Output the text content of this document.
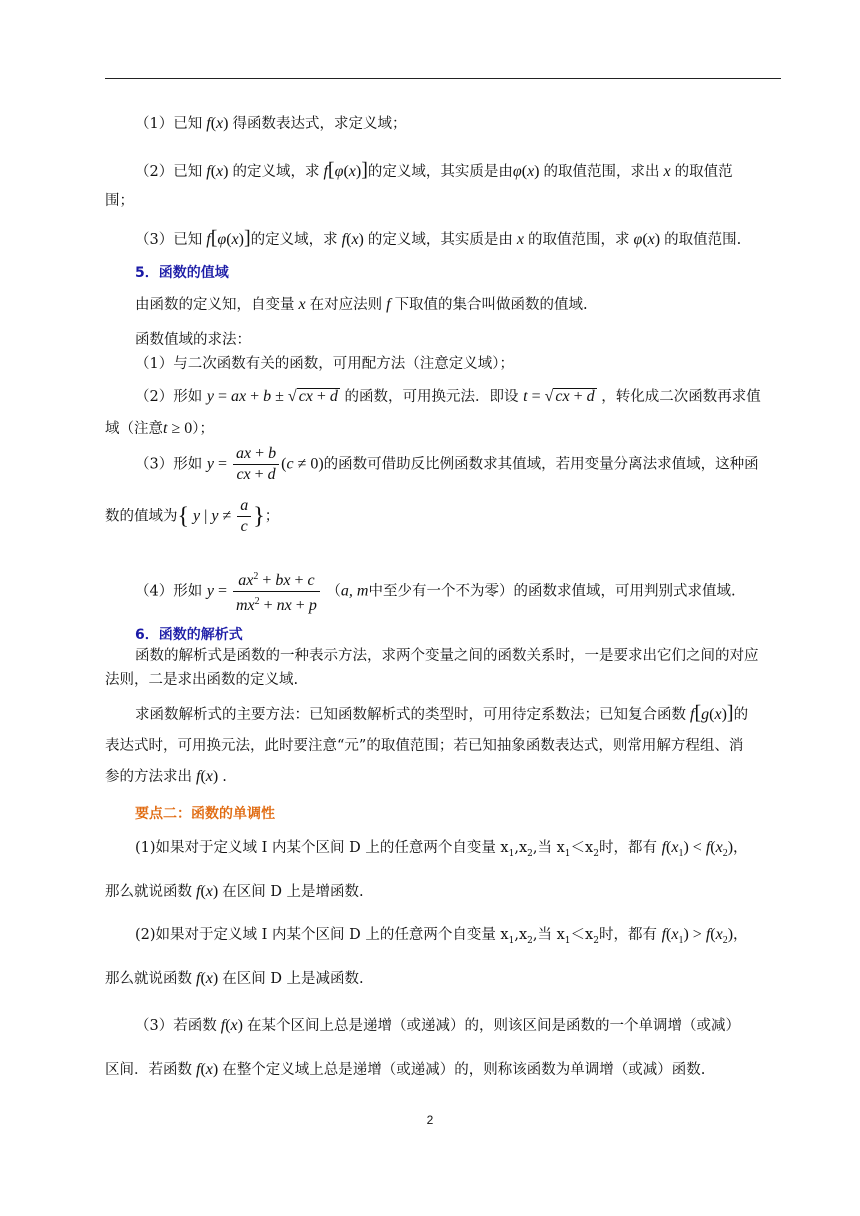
（1）已知 f(x) 得函数表达式，求定义域；
（2）已知 f(x) 的定义域，求 f[φ(x)]的定义域，其实质是由φ(x) 的取值范围，求出 x 的取值范
围；
（3）已知 f[φ(x)]的定义域，求 f(x) 的定义域，其实质是由 x 的取值范围，求 φ(x) 的取值范围.
5．函数的值域
由函数的定义知，自变量 x 在对应法则 f 下取值的集合叫做函数的值域.
函数值域的求法：
（1）与二次函数有关的函数，可用配方法（注意定义域）；
（2）形如 y = ax + b ± √ cx + d 的函数，可用换元法．即设 t = √ cx + d ，转化成二次函数再求值
域（注意t ≥ 0）；
（3）形如 $y = \frac{ax + b}{cx + d} (c \ne 0)$的函数可借助反比例函数求其值域，若用变量分离法求值域，这种函
数的值域为{ y | $y \ne \frac{a}{c}$ }；
（4）形如 $y = \frac{ax^2 + bx + c}{mx^2 + nx + p} (a$, m中至少有一个不为零）的函数求值域，可用判别式求值域.
6．函数的解析式
函数的解析式是函数的一种表示方法，求两个变量之间的函数关系时，一是要求出它们之间的对应
法则，二是求出函数的定义域.
求函数解析式的主要方法：已知函数解析式的类型时，可用待定系数法；已知复合函数 f[g(x)]的
表达式时，可用换元法，此时要注意“元”的取值范围；若已知抽象函数表达式，则常用解方程组、消
参的方法求出 f(x) .
要点二：函数的单调性
(1)如果对于定义域 I 内某个区间 D 上的任意两个自变量 $x_1,x_2$,当 $x_1<x_2$时，都有 $f(x_1) < f(x_2)$，
那么就说函数 f(x) 在区间 D 上是增函数.
(2)如果对于定义域 I 内某个区间 D 上的任意两个自变量 $x_1,x_2$,当 $x_1<x_2$时，都有 $f(x_1) > f(x_2)$，
那么就说函数 f(x) 在区间 D 上是减函数.
（3）若函数 f(x) 在某个区间上总是递增（或递减）的，则该区间是函数的一个单调增（或减）
区间．若函数 f(x) 在整个定义域上总是递增（或递减）的，则称该函数为单调增（或减）函数.
2
